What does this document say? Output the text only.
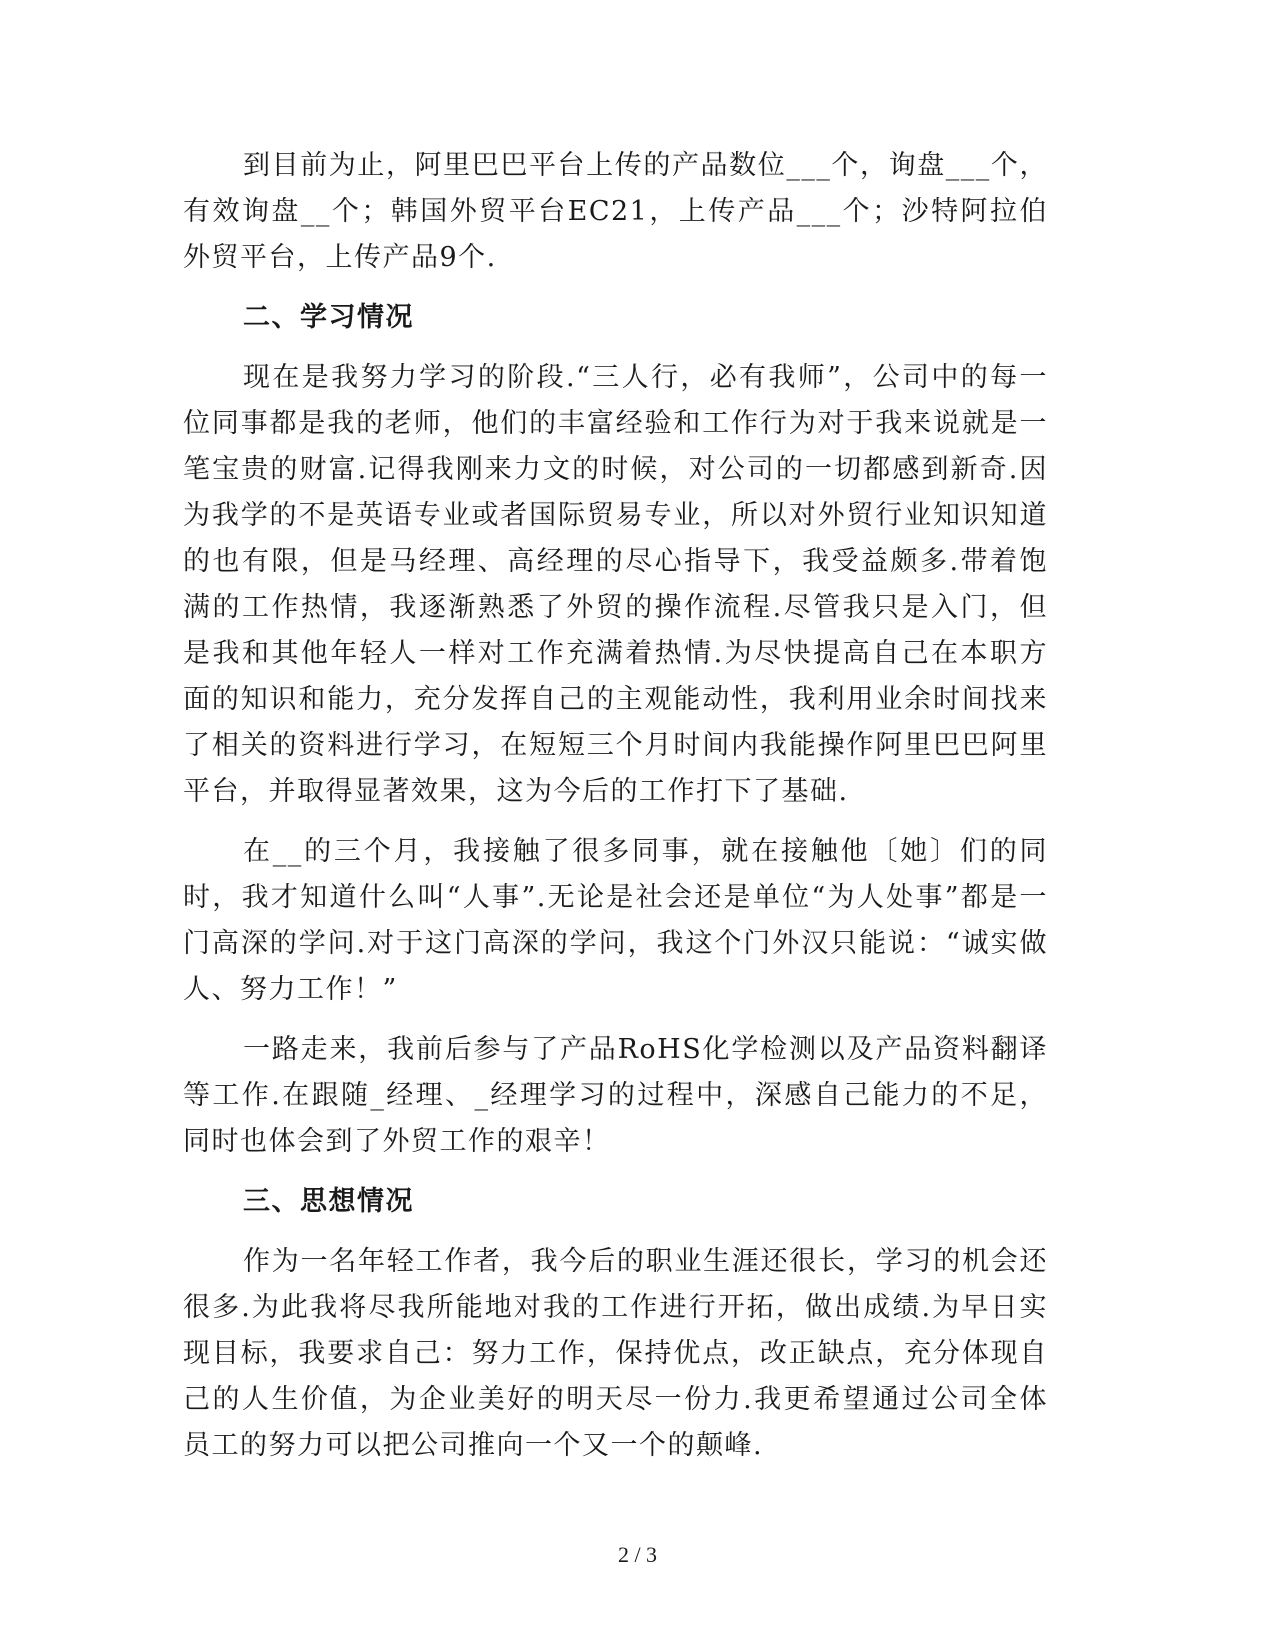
到目前为止，阿里巴巴平台上传的产品数位___个，询盘___个，有效询盘__个；韩国外贸平台EC21，上传产品___个；沙特阿拉伯外贸平台，上传产品9个.

二、学习情况

现在是我努力学习的阶段.“三人行，必有我师”，公司中的每一位同事都是我的老师，他们的丰富经验和工作行为对于我来说就是一笔宝贵的财富.记得我刚来力文的时候，对公司的一切都感到新奇.因为我学的不是英语专业或者国际贸易专业，所以对外贸行业知识知道的也有限，但是马经理、高经理的尽心指导下，我受益颇多.带着饱满的工作热情，我逐渐熟悉了外贸的操作流程.尽管我只是入门，但是我和其他年轻人一样对工作充满着热情.为尽快提高自己在本职方面的知识和能力，充分发挥自己的主观能动性，我利用业余时间找来了相关的资料进行学习，在短短三个月时间内我能操作阿里巴巴阿里平台，并取得显著效果，这为今后的工作打下了基础.

在__的三个月，我接触了很多同事，就在接触他〔她〕们的同时，我才知道什么叫“人事”.无论是社会还是单位“为人处事”都是一门高深的学问.对于这门高深的学问，我这个门外汉只能说：“诚实做人、努力工作！”

一路走来，我前后参与了产品RoHS化学检测以及产品资料翻译等工作.在跟随_经理、_经理学习的过程中，深感自己能力的不足，同时也体会到了外贸工作的艰辛！

三、思想情况

作为一名年轻工作者，我今后的职业生涯还很长，学习的机会还很多.为此我将尽我所能地对我的工作进行开拓，做出成绩.为早日实现目标，我要求自己：努力工作，保持优点，改正缺点，充分体现自己的人生价值，为企业美好的明天尽一份力.我更希望通过公司全体员工的努力可以把公司推向一个又一个的颠峰.

2 / 3
